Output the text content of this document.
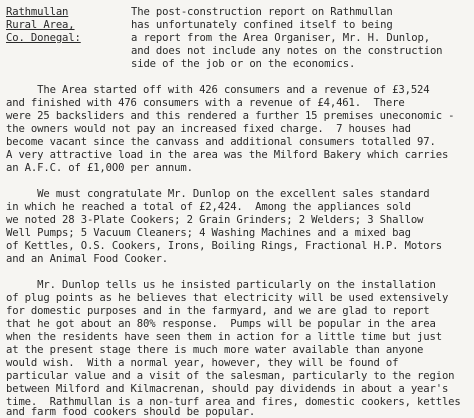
Rathmullan

Rural Area,

Co. Donegal:

The post-construction report on Rathmullan

has unfortunately confined itself to being

a report from the Area Organiser, Mr. H. Dunlop,

and does not include any notes on the construction

side of the job or on the economics.

The Area started off with 426 consumers and a revenue of £3,524

and finished with 476 consumers with a revenue of £4,461.  There

were 25 backsliders and this rendered a further 15 premises uneconomic -

the owners would not pay an increased fixed charge.  7 houses had

become vacant since the canvass and additional consumers totalled 97.

A very attractive load in the area was the Milford Bakery which carries

an A.F.C. of £1,0O0 per annum.

We must congratulate Mr. Dunlop on the excellent sales standard

in which he reached a total of £2,424.  Among the appliances sold

we noted 28 3-Plate Cookers; 2 Grain Grinders; 2 Welders; 3 Shallow

Well Pumps; 5 Vacuum Cleaners; 4 Washing Machines and a mixed bag

of Kettles, O.S. Cookers, Irons, Boiling Rings, Fractional H.P. Motors

and an Animal Food Cooker.

Mr. Dunlop tells us he insisted particularly on the installation

of plug points as he believes that electricity will be used extensively

for domestic purposes and in the farmyard, and we are glad to report

that he got about an 80% response.  Pumps will be popular in the area

when the residents have seen them in action for a little time but just

at the present stage there is much more water available than anyone

would wish.  With a normal year, however, they will be found of

particular value and a visit of the salesman, particularly to the region

between Milford and Kilmacrenan, should pay dividends in about a year's

time.  Rathmullan is a non-turf area and fires, domestic cookers, kettles

and farm food cookers should be popular.
